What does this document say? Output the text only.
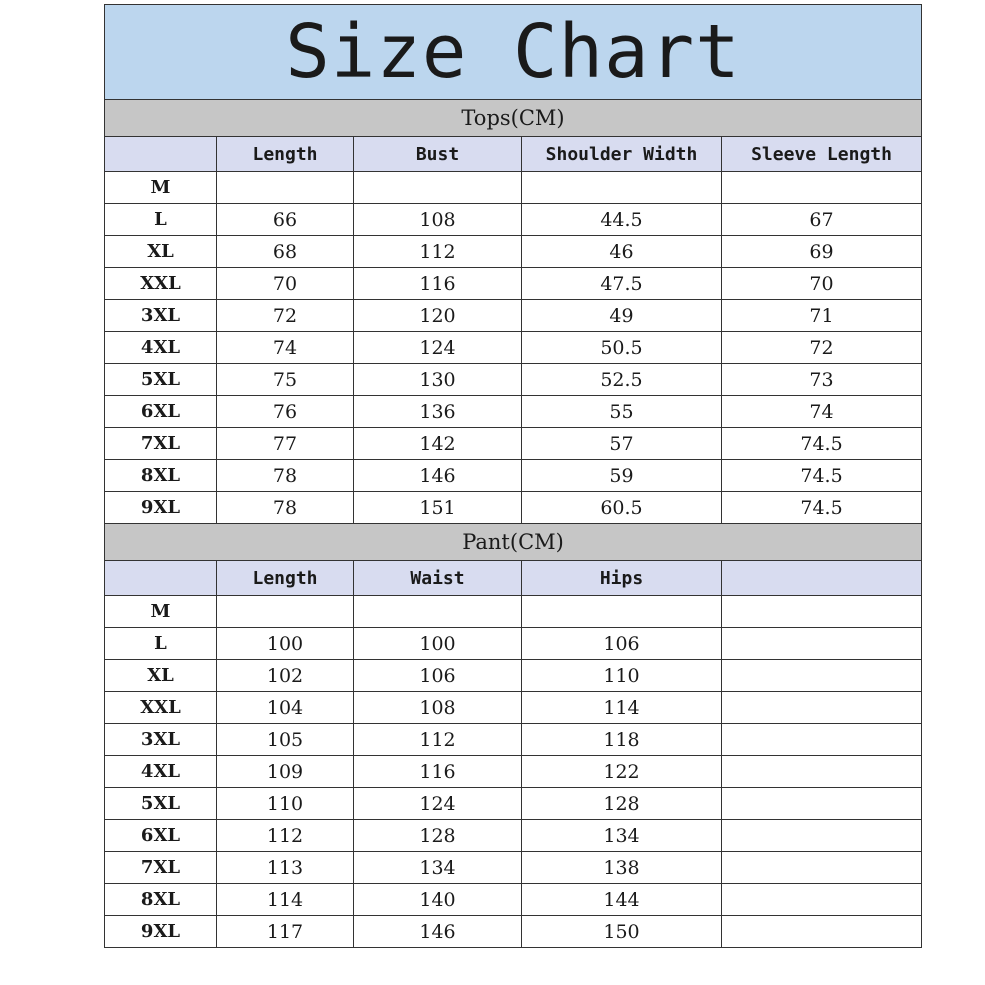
Size Chart				
Tops(CM)				
	Length	Bust	Shoulder Width	Sleeve Length
M				
L	66	108	44.5	67
XL	68	112	46	69
XXL	70	116	47.5	70
3XL	72	120	49	71
4XL	74	124	50.5	72
5XL	75	130	52.5	73
6XL	76	136	55	74
7XL	77	142	57	74.5
8XL	78	146	59	74.5
9XL	78	151	60.5	74.5
Pant(CM)				
	Length	Waist	Hips	
M				
L	100	100	106	
XL	102	106	110	
XXL	104	108	114	
3XL	105	112	118	
4XL	109	116	122	
5XL	110	124	128	
6XL	112	128	134	
7XL	113	134	138	
8XL	114	140	144	
9XL	117	146	150	
